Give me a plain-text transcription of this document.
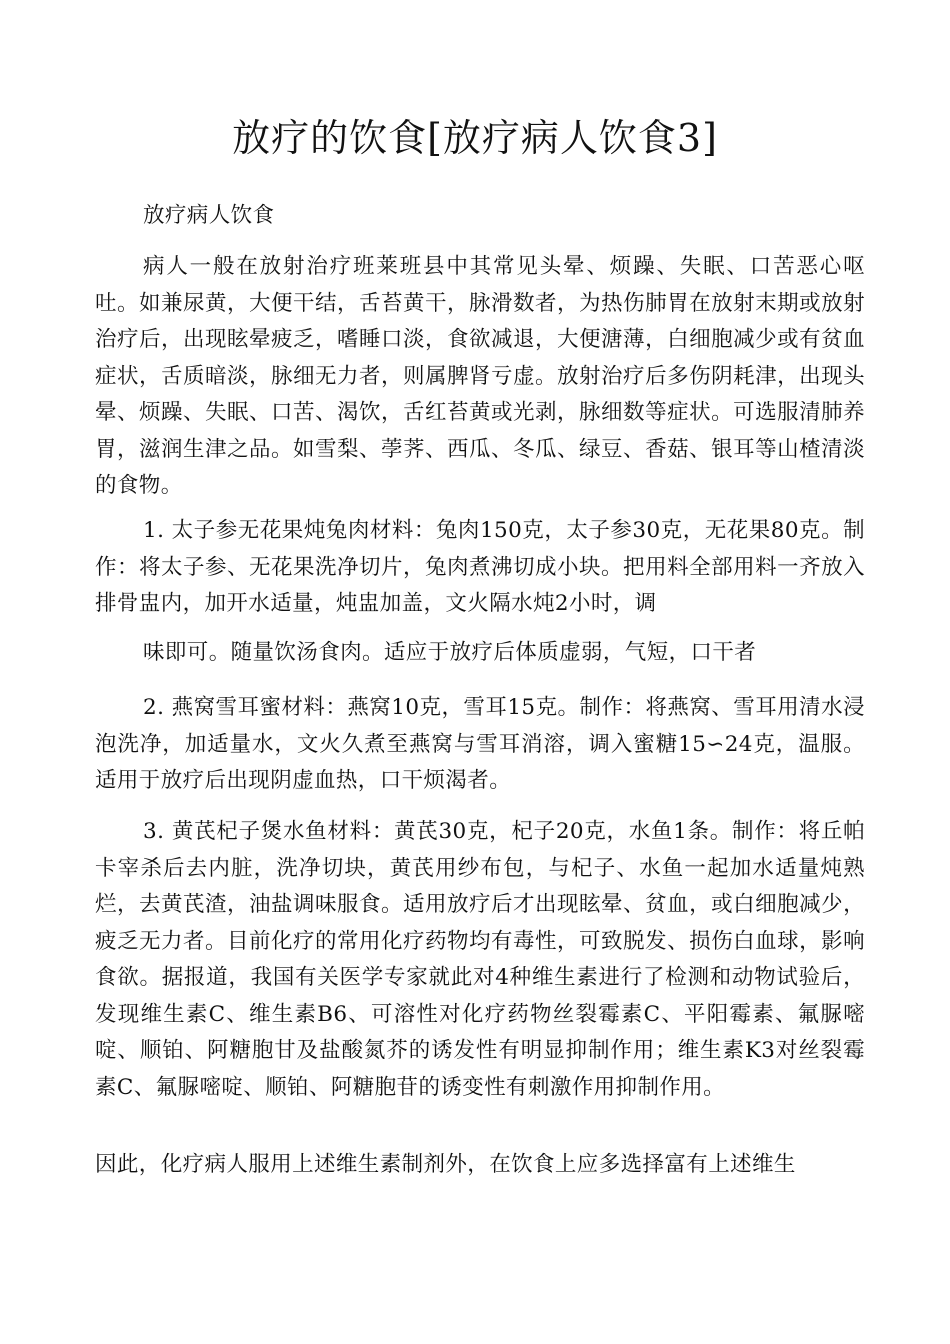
放疗的饮食[放疗病人饮食3]

放疗病人饮食

病人一般在放射治疗班莱班县中其常见头晕、烦躁、失眠、口苦恶心呕吐。如兼尿黄，大便干结，舌苔黄干，脉滑数者，为热伤肺胃在放射末期或放射治疗后，出现眩晕疲乏，嗜睡口淡，食欲减退，大便溏薄，白细胞减少或有贫血症状，舌质暗淡，脉细无力者，则属脾肾亏虚。放射治疗后多伤阴耗津，出现头晕、烦躁、失眠、口苦、渴饮，舌红苔黄或光剥，脉细数等症状。可选服清肺养胃，滋润生津之品。如雪梨、荸荠、西瓜、冬瓜、绿豆、香菇、银耳等山楂清淡的食物。

1. 太子参无花果炖兔肉材料：兔肉150克，太子参30克，无花果80克。制作：将太子参、无花果洗净切片，兔肉煮沸切成小块。把用料全部用料一齐放入排骨盅内，加开水适量，炖盅加盖，文火隔水炖2小时，调

味即可。随量饮汤食肉。适应于放疗后体质虚弱，气短，口干者

2. 燕窝雪耳蜜材料：燕窝10克，雪耳15克。制作：将燕窝、雪耳用清水浸泡洗净，加适量水，文火久煮至燕窝与雪耳消溶，调入蜜糖15∽24克，温服。适用于放疗后出现阴虚血热，口干烦渴者。

3. 黄芪杞子煲水鱼材料：黄芪30克，杞子20克，水鱼1条。制作：将丘帕卡宰杀后去内脏，洗净切块，黄芪用纱布包，与杞子、水鱼一起加水适量炖熟烂，去黄芪渣，油盐调味服食。适用放疗后才出现眩晕、贫血，或白细胞减少，疲乏无力者。目前化疗的常用化疗药物均有毒性，可致脱发、损伤白血球，影响食欲。据报道，我国有关医学专家就此对4种维生素进行了检测和动物试验后，发现维生素C、维生素B6、可溶性对化疗药物丝裂霉素C、平阳霉素、氟脲嘧啶、顺铂、阿糖胞甘及盐酸氮芥的诱发性有明显抑制作用；维生素K3对丝裂霉素C、氟脲嘧啶、顺铂、阿糖胞苷的诱变性有刺激作用抑制作用。

因此，化疗病人服用上述维生素制剂外，在饮食上应多选择富有上述维生
